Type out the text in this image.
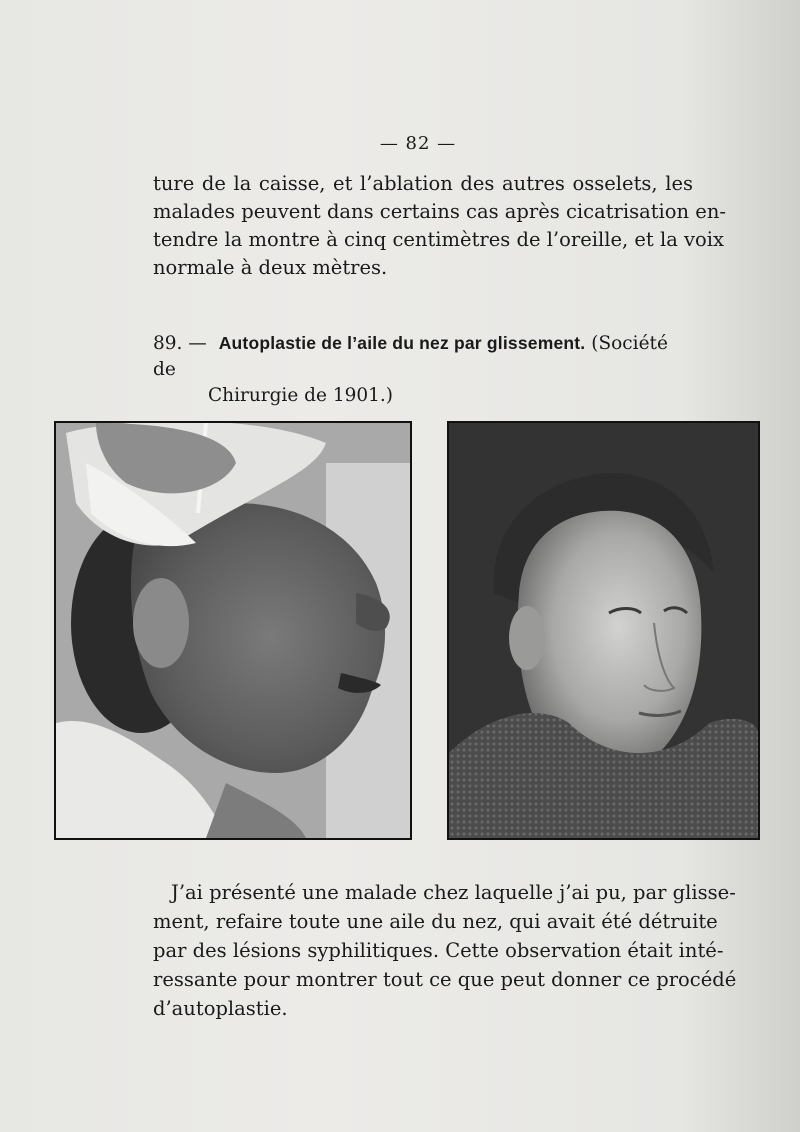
— 82 —
ture de la caisse, et l’ablation des autres osselets, les
malades peuvent dans certains cas après cicatrisation en-
tendre la montre à cinq centimètres de l’oreille, et la voix
normale à deux mètres.
89. — Autoplastie de l’aile du nez par glissement. (Société de
Chirurgie de 1901.)
J’ai présenté une malade chez laquelle j’ai pu, par glisse-
ment, refaire toute une aile du nez, qui avait été détruite
par des lésions syphilitiques. Cette observation était inté-
ressante pour montrer tout ce que peut donner ce procédé
d’autoplastie.
